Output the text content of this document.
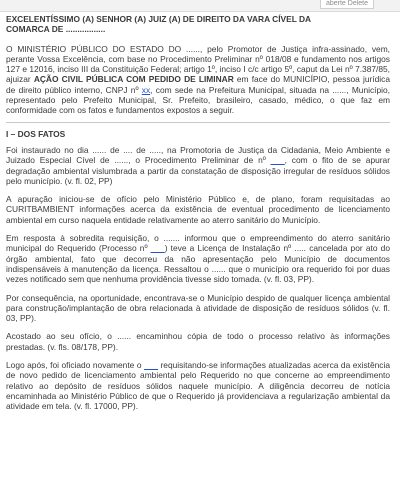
aberte Delete

EXCELENTÍSSIMO (A) SENHOR (A) JUIZ (A) DE DIREITO DA VARA CÍVEL DA
COMARCA DE .................

O MINISTÉRIO PÚBLICO DO ESTADO DO ......, pelo Promotor de Justiça infra-assinado, vem, perante Vossa Excelência, com base no Procedimento Preliminar nº 018/08 e fundamento nos artigos 127 e 12016, inciso III da Constituição Federal; artigo 1º, inciso I c/c artigo 5º, caput da Lei nº 7.387/85, ajuizar AÇÃO CIVIL PÚBLICA COM PEDIDO DE LIMINAR em face do MUNICÍPIO, pessoa jurídica de direito público interno, CNPJ nº xx, com sede na Prefeitura Municipal, situada na ......, Município, representado pelo Prefeito Municipal, Sr. Prefeito, brasileiro, casado, médico, o que faz em conformidade com os fatos e fundamentos expostos a seguir.

I – DOS FATOS

Foi instaurado no dia ...... de .... de ....., na Promotoria de Justiça da Cidadania, Meio Ambiente e Juizado Especial Cível de ......, o Procedimento Preliminar de nº ___, com o fito de se apurar degradação ambiental vislumbrada a partir da constatação de disposição irregular de resíduos sólidos pelo município. (v. fl. 02, PP)

A apuração iniciou-se de ofício pelo Ministério Público e, de plano, foram requisitadas ao CURITBAMBIENT informações acerca da existência de eventual procedimento de licenciamento ambiental em curso naquela entidade relativamente ao aterro sanitário do Município.

Em resposta à sobredita requisição, o ....... informou que o empreendimento do aterro sanitário municipal do Requerido (Processo nº ___) teve a Licença de Instalação nº ..... cancelada por ato do órgão ambiental, fato que decorreu da não apresentação pelo Município de documentos indispensáveis à manutenção da licença. Ressaltou o ...... que o município ora requerido foi por duas vezes notificado sem que nenhuma providência tivesse sido tomada. (v. fl. 03, PP).

Por consequência, na oportunidade, encontrava-se o Município despido de qualquer licença ambiental para construção/implantação de obra relacionada à atividade de disposição de resíduos sólidos (v. fl. 03, PP).

Acostado ao seu ofício, o ...... encaminhou cópia de todo o processo relativo às informações prestadas. (v. fls. 08/178, PP).

Logo após, foi oficiado novamente o ___ requisitando-se informações atualizadas acerca da existência de novo pedido de licenciamento ambiental pelo Requerido no que concerne ao empreendimento relativo ao depósito de resíduos sólidos naquele município. A diligência decorreu de notícia encaminhada ao Ministério Público de que o Requerido já providenciava a regularização ambiental da atividade em tela. (v. fl. 17000, PP).
